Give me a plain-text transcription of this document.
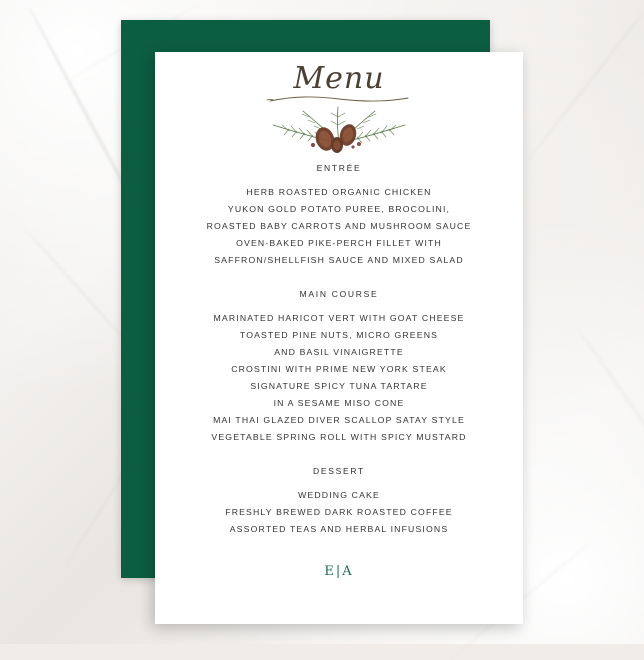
Menu
ENTRÉE

HERB ROASTED ORGANIC CHICKEN

YUKON GOLD POTATO PUREE, BROCOLINI,

ROASTED BABY CARROTS AND MUSHROOM SAUCE

OVEN-BAKED PIKE-PERCH FILLET WITH

SAFFRON/SHELLFISH SAUCE AND MIXED SALAD

MAIN COURSE

MARINATED HARICOT VERT WITH GOAT CHEESE

TOASTED PINE NUTS, MICRO GREENS

AND BASIL VINAIGRETTE

CROSTINI WITH PRIME NEW YORK STEAK

SIGNATURE SPICY TUNA TARTARE

IN A SESAME MISO CONE

MAI THAI GLAZED DIVER SCALLOP SATAY STYLE

VEGETABLE SPRING ROLL WITH SPICY MUSTARD

DESSERT

WEDDING CAKE

FRESHLY BREWED DARK ROASTED COFFEE

ASSORTED TEAS AND HERBAL INFUSIONS

E|A
